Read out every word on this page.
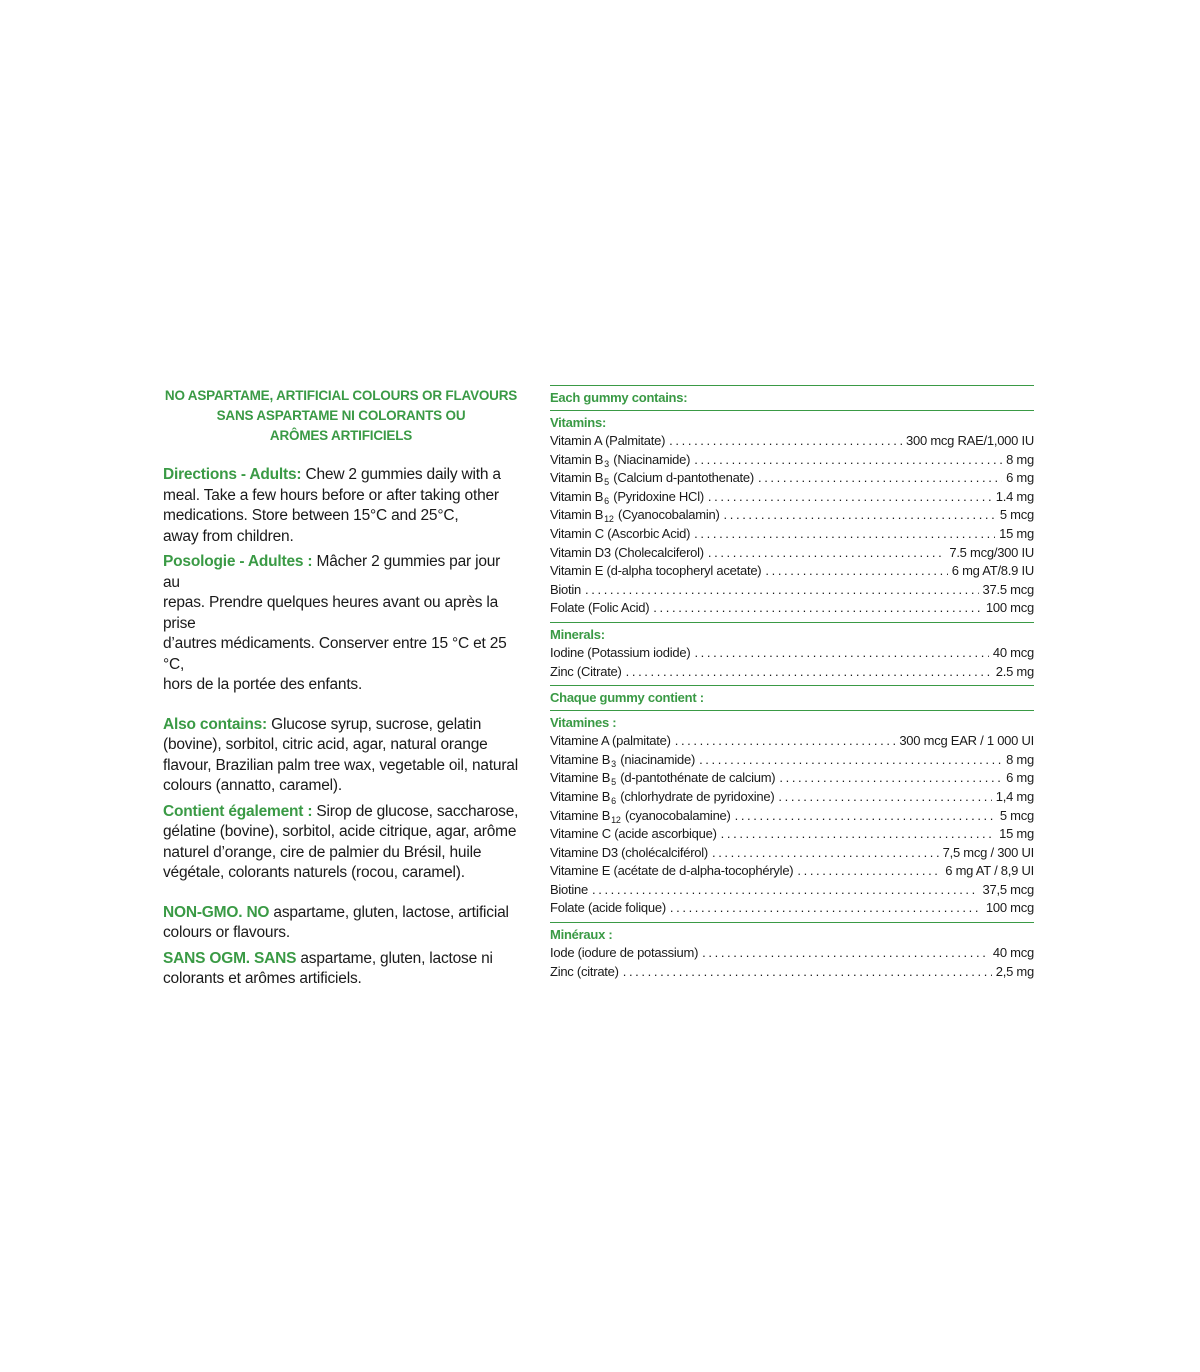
NO ASPARTAME, ARTIFICIAL COLOURS OR FLAVOURS
SANS ASPARTAME NI COLORANTS OU
ARÔMES ARTIFICIELS
Directions - Adults: Chew 2 gummies daily with a
meal. Take a few hours before or after taking other
medications. Store between 15°C and 25°C,
away from children.
Posologie - Adultes : Mâcher 2 gummies par jour au
repas. Prendre quelques heures avant ou après la prise
d’autres médicaments. Conserver entre 15 °C et 25 °C,
hors de la portée des enfants.
Also contains: Glucose syrup, sucrose, gelatin
(bovine), sorbitol, citric acid, agar, natural orange
flavour, Brazilian palm tree wax, vegetable oil, natural
colours (annatto, caramel).
Contient également : Sirop de glucose, saccharose,
gélatine (bovine), sorbitol, acide citrique, agar, arôme
naturel d’orange, cire de palmier du Brésil, huile
végétale, colorants naturels (rocou, caramel).
NON-GMO. NO aspartame, gluten, lactose, artificial
colours or flavours.
SANS OGM. SANS aspartame, gluten, lactose ni
colorants et arômes artificiels.
Each gummy contains:
Vitamins:
Vitamin A (Palmitate) . . .	300 mcg RAE/1,000 IU
Vitamin $B_3$ (Niacinamide) . . .	8 mg
Vitamin $B_5$ (Calcium d-pantothenate) . . .	6 mg
Vitamin $B_6$ (Pyridoxine HCl) . . .	1.4 mg
Vitamin $B_{12}$ (Cyanocobalamin) . . .	5 mcg
Vitamin C (Ascorbic Acid) . . .	15 mg
Vitamin D3 (Cholecalciferol) . . .	7.5 mcg/300 IU
Vitamin E (d-alpha tocopheryl acetate) . . .	6 mg AT/8.9 IU
Biotin . . .	37.5 mcg
Folate (Folic Acid) . . .	100 mcg
Minerals:
Iodine (Potassium iodide) . . .	40 mcg
Zinc (Citrate) . . .	2.5 mg
Chaque gummy contient :
Vitamines :
Vitamine A (palmitate) . . .	300 mcg EAR / 1 000 UI
Vitamine $B_3$ (niacinamide) . . .	8 mg
Vitamine $B_5$ (d-pantothénate de calcium) . . .	6 mg
Vitamine $B_6$ (chlorhydrate de pyridoxine) . . .	1,4 mg
Vitamine $B_{12}$ (cyanocobalamine) . . .	5 mcg
Vitamine C (acide ascorbique) . . .	15 mg
Vitamine D3 (cholécalciférol) . . .	7,5 mcg / 300 UI
Vitamine E (acétate de d-alpha-tocophéryle) . . .	6 mg AT / 8,9 UI
Biotine . . .	37,5 mcg
Folate (acide folique) . . .	100 mcg
Minéraux :
Iode (iodure de potassium) . . .	40 mcg
Zinc (citrate) . . .	2,5 mg
